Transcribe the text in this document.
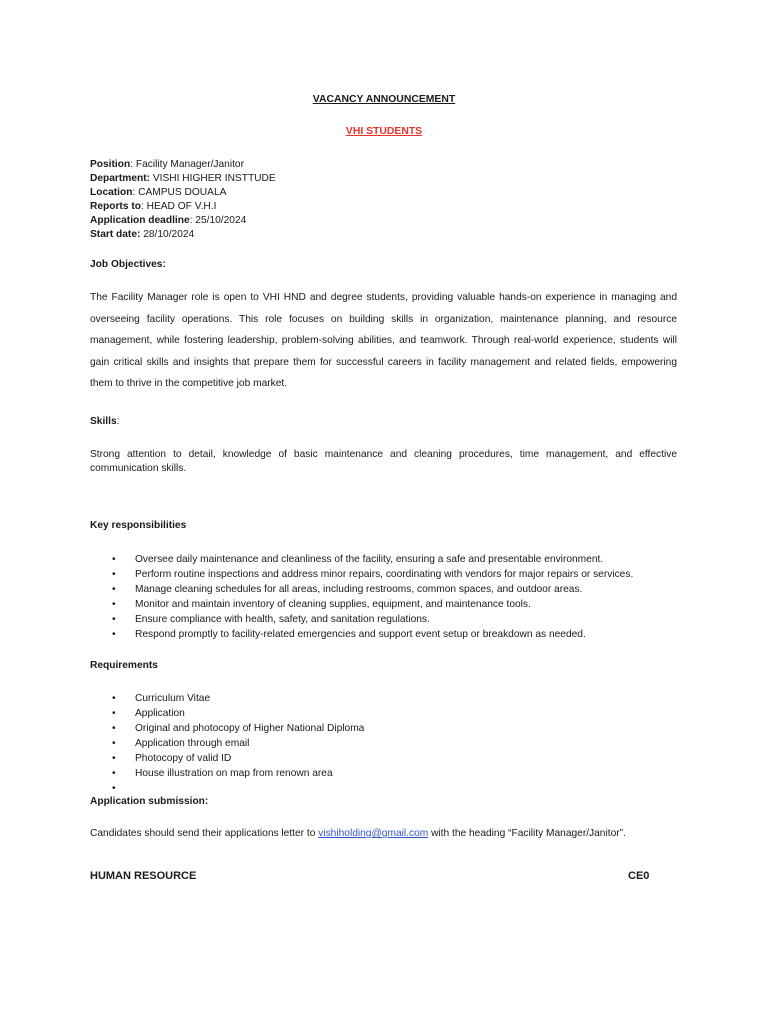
VACANCY ANNOUNCEMENT
VHI STUDENTS
Position: Facility Manager/Janitor
Department: VISHI HIGHER INSTTUDE
Location: CAMPUS DOUALA
Reports to: HEAD OF V.H.I
Application deadline: 25/10/2024
Start date: 28/10/2024
Job Objectives:
The Facility Manager role is open to VHI HND and degree students, providing valuable hands-on experience in managing and overseeing facility operations. This role focuses on building skills in organization, maintenance planning, and resource management, while fostering leadership, problem-solving abilities, and teamwork. Through real-world experience, students will gain critical skills and insights that prepare them for successful careers in facility management and related fields, empowering them to thrive in the competitive job market.
Skills:
Strong attention to detail, knowledge of basic maintenance and cleaning procedures, time management, and effective communication skills.
Key responsibilities
• Oversee daily maintenance and cleanliness of the facility, ensuring a safe and presentable environment.
• Perform routine inspections and address minor repairs, coordinating with vendors for major repairs or services.
• Manage cleaning schedules for all areas, including restrooms, common spaces, and outdoor areas.
• Monitor and maintain inventory of cleaning supplies, equipment, and maintenance tools.
• Ensure compliance with health, safety, and sanitation regulations.
• Respond promptly to facility-related emergencies and support event setup or breakdown as needed.
Requirements
• Curriculum Vitae
• Application
• Original and photocopy of Higher National Diploma
• Application through email
• Photocopy of valid ID
• House illustration on map from renown area
•
Application submission:
Candidates should send their applications letter to vishiholding@gmail.com with the heading “Facility Manager/Janitor”.
HUMAN RESOURCE	CE0
